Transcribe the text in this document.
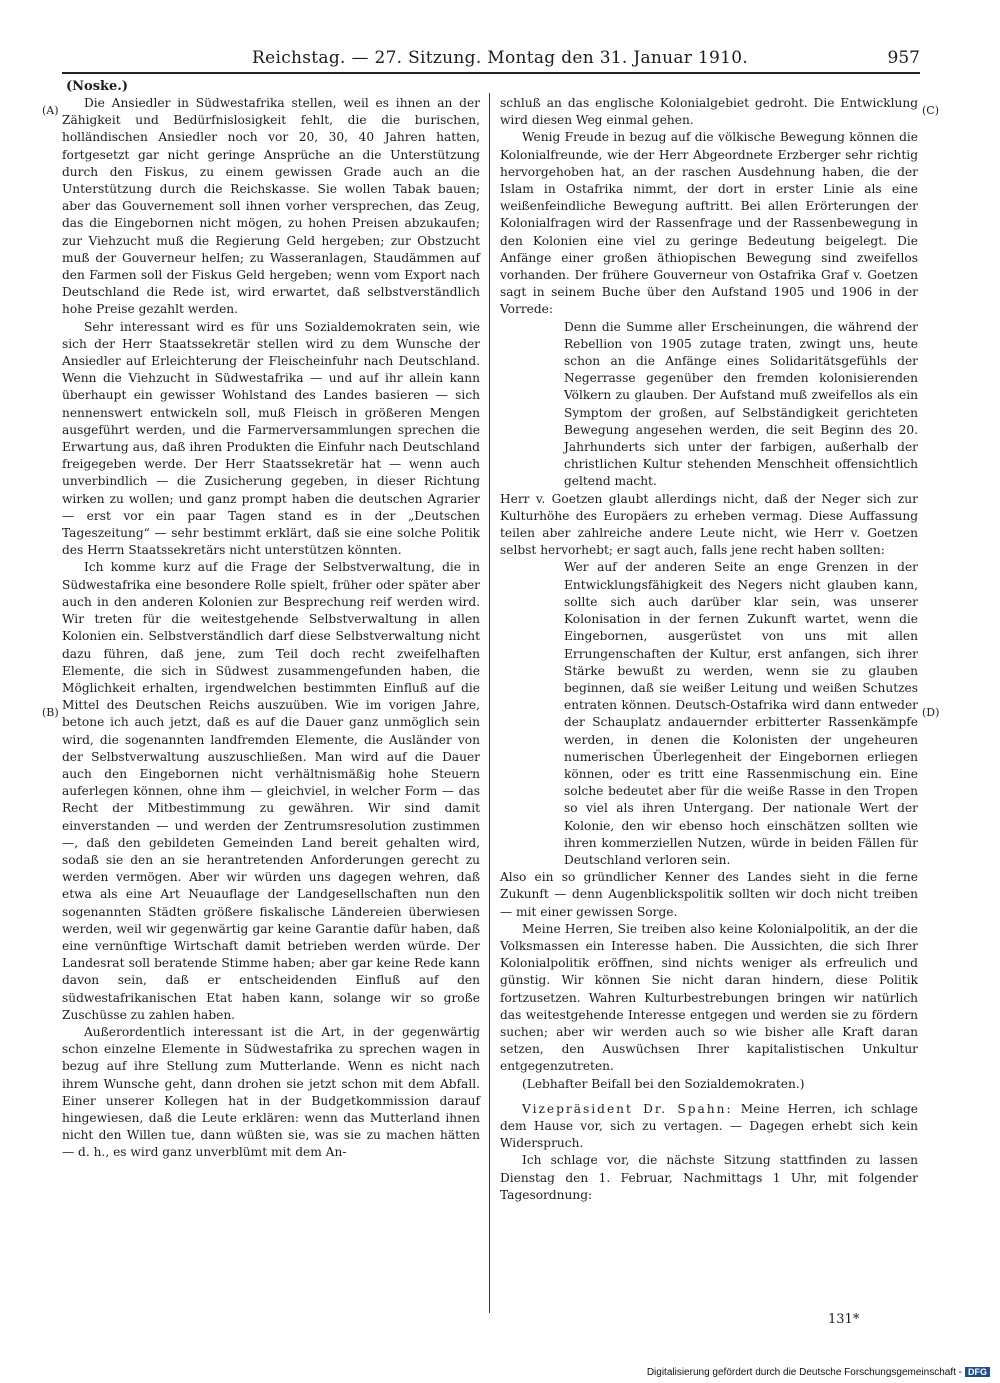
Reichstag. — 27. Sitzung. Montag den 31. Januar 1910.	957
(Noske.)
(A)
(B)
(C)
(D)

Die Ansiedler in Südwestafrika stellen, weil es ihnen an der Zähigkeit und Bedürfnislosigkeit fehlt, die die burischen, holländischen Ansiedler noch vor 20, 30, 40 Jahren hatten, fortgesetzt gar nicht geringe Ansprüche an die Unterstützung durch den Fiskus, zu einem gewissen Grade auch an die Unterstützung durch die Reichskasse. Sie wollen Tabak bauen; aber das Gouvernement soll ihnen vorher versprechen, das Zeug, das die Eingebornen nicht mögen, zu hohen Preisen abzukaufen; zur Viehzucht muß die Regierung Geld hergeben; zur Obstzucht muß der Gouverneur helfen; zu Wasseranlagen, Staudämmen auf den Farmen soll der Fiskus Geld hergeben; wenn vom Export nach Deutschland die Rede ist, wird erwartet, daß selbstverständlich hohe Preise gezahlt werden.

Sehr interessant wird es für uns Sozialdemokraten sein, wie sich der Herr Staatssekretär stellen wird zu dem Wunsche der Ansiedler auf Erleichterung der Fleischeinfuhr nach Deutschland. Wenn die Viehzucht in Südwestafrika — und auf ihr allein kann überhaupt ein gewisser Wohlstand des Landes basieren — sich nennenswert entwickeln soll, muß Fleisch in größeren Mengen ausgeführt werden, und die Farmerversammlungen sprechen die Erwartung aus, daß ihren Produkten die Einfuhr nach Deutschland freigegeben werde. Der Herr Staatssekretär hat — wenn auch unverbindlich — die Zusicherung gegeben, in dieser Richtung wirken zu wollen; und ganz prompt haben die deutschen Agrarier — erst vor ein paar Tagen stand es in der „Deutschen Tageszeitung“ — sehr bestimmt erklärt, daß sie eine solche Politik des Herrn Staatssekretärs nicht unterstützen könnten.

Ich komme kurz auf die Frage der Selbstverwaltung, die in Südwestafrika eine besondere Rolle spielt, früher oder später aber auch in den anderen Kolonien zur Besprechung reif werden wird. Wir treten für die weitestgehende Selbstverwaltung in allen Kolonien ein. Selbstverständlich darf diese Selbstverwaltung nicht dazu führen, daß jene, zum Teil doch recht zweifelhaften Elemente, die sich in Südwest zusammengefunden haben, die Möglichkeit erhalten, irgendwelchen bestimmten Einfluß auf die Mittel des Deutschen Reichs auszuüben. Wie im vorigen Jahre, betone ich auch jetzt, daß es auf die Dauer ganz unmöglich sein wird, die sogenannten landfremden Elemente, die Ausländer von der Selbstverwaltung auszuschließen. Man wird auf die Dauer auch den Eingebornen nicht verhältnismäßig hohe Steuern auferlegen können, ohne ihm — gleichviel, in welcher Form — das Recht der Mitbestimmung zu gewähren. Wir sind damit einverstanden — und werden der Zentrumsresolution zustimmen —, daß den gebildeten Gemeinden Land bereit gehalten wird, sodaß sie den an sie herantretenden Anforderungen gerecht zu werden vermögen. Aber wir würden uns dagegen wehren, daß etwa als eine Art Neuauflage der Landgesellschaften nun den sogenannten Städten größere fiskalische Ländereien überwiesen werden, weil wir gegenwärtig gar keine Garantie dafür haben, daß eine vernünftige Wirtschaft damit betrieben werden würde. Der Landesrat soll beratende Stimme haben; aber gar keine Rede kann davon sein, daß er entscheidenden Einfluß auf den südwestafrikanischen Etat haben kann, solange wir so große Zuschüsse zu zahlen haben.

Außerordentlich interessant ist die Art, in der gegenwärtig schon einzelne Elemente in Südwestafrika zu sprechen wagen in bezug auf ihre Stellung zum Mutterlande. Wenn es nicht nach ihrem Wunsche geht, dann drohen sie jetzt schon mit dem Abfall. Einer unserer Kollegen hat in der Budgetkommission darauf hingewiesen, daß die Leute erklären: wenn das Mutterland ihnen nicht den Willen tue, dann wüßten sie, was sie zu machen hätten — d. h., es wird ganz unverblümt mit dem An-

schluß an das englische Kolonialgebiet gedroht. Die Entwicklung wird diesen Weg einmal gehen.

Wenig Freude in bezug auf die völkische Bewegung können die Kolonialfreunde, wie der Herr Abgeordnete Erzberger sehr richtig hervorgehoben hat, an der raschen Ausdehnung haben, die der Islam in Ostafrika nimmt, der dort in erster Linie als eine weißenfeindliche Bewegung auftritt. Bei allen Erörterungen der Kolonialfragen wird der Rassenfrage und der Rassenbewegung in den Kolonien eine viel zu geringe Bedeutung beigelegt. Die Anfänge einer großen äthiopischen Bewegung sind zweifellos vorhanden. Der frühere Gouverneur von Ostafrika Graf v. Goetzen sagt in seinem Buche über den Aufstand 1905 und 1906 in der Vorrede:

Denn die Summe aller Erscheinungen, die während der Rebellion von 1905 zutage traten, zwingt uns, heute schon an die Anfänge eines Solidaritätsgefühls der Negerrasse gegenüber den fremden kolonisierenden Völkern zu glauben. Der Aufstand muß zweifellos als ein Symptom der großen, auf Selbständigkeit gerichteten Bewegung angesehen werden, die seit Beginn des 20. Jahrhunderts sich unter der farbigen, außerhalb der christlichen Kultur stehenden Menschheit offensichtlich geltend macht.

Herr v. Goetzen glaubt allerdings nicht, daß der Neger sich zur Kulturhöhe des Europäers zu erheben vermag. Diese Auffassung teilen aber zahlreiche andere Leute nicht, wie Herr v. Goetzen selbst hervorhebt; er sagt auch, falls jene recht haben sollten:

Wer auf der anderen Seite an enge Grenzen in der Entwicklungsfähigkeit des Negers nicht glauben kann, sollte sich auch darüber klar sein, was unserer Kolonisation in der fernen Zukunft wartet, wenn die Eingebornen, ausgerüstet von uns mit allen Errungenschaften der Kultur, erst anfangen, sich ihrer Stärke bewußt zu werden, wenn sie zu glauben beginnen, daß sie weißer Leitung und weißen Schutzes entraten können. Deutsch-Ostafrika wird dann entweder der Schauplatz andauernder erbitterter Rassenkämpfe werden, in denen die Kolonisten der ungeheuren numerischen Überlegenheit der Eingebornen erliegen können, oder es tritt eine Rassenmischung ein. Eine solche bedeutet aber für die weiße Rasse in den Tropen so viel als ihren Untergang. Der nationale Wert der Kolonie, den wir ebenso hoch einschätzen sollten wie ihren kommerziellen Nutzen, würde in beiden Fällen für Deutschland verloren sein.

Also ein so gründlicher Kenner des Landes sieht in die ferne Zukunft — denn Augenblickspolitik sollten wir doch nicht treiben — mit einer gewissen Sorge.

Meine Herren, Sie treiben also keine Kolonialpolitik, an der die Volksmassen ein Interesse haben. Die Aussichten, die sich Ihrer Kolonialpolitik eröffnen, sind nichts weniger als erfreulich und günstig. Wir können Sie nicht daran hindern, diese Politik fortzusetzen. Wahren Kulturbestrebungen bringen wir natürlich das weitestgehende Interesse entgegen und werden sie zu fördern suchen; aber wir werden auch so wie bisher alle Kraft daran setzen, den Auswüchsen Ihrer kapitalistischen Unkultur entgegenzutreten.

(Lebhafter Beifall bei den Sozialdemokraten.)

Vizepräsident Dr. Spahn: Meine Herren, ich schlage dem Hause vor, sich zu vertagen. — Dagegen erhebt sich kein Widerspruch.

Ich schlage vor, die nächste Sitzung stattfinden zu lassen Dienstag den 1. Februar, Nachmittags 1 Uhr, mit folgender Tagesordnung:

131*
Digitalisierung gefördert durch die Deutsche Forschungsgemeinschaft - DFG
